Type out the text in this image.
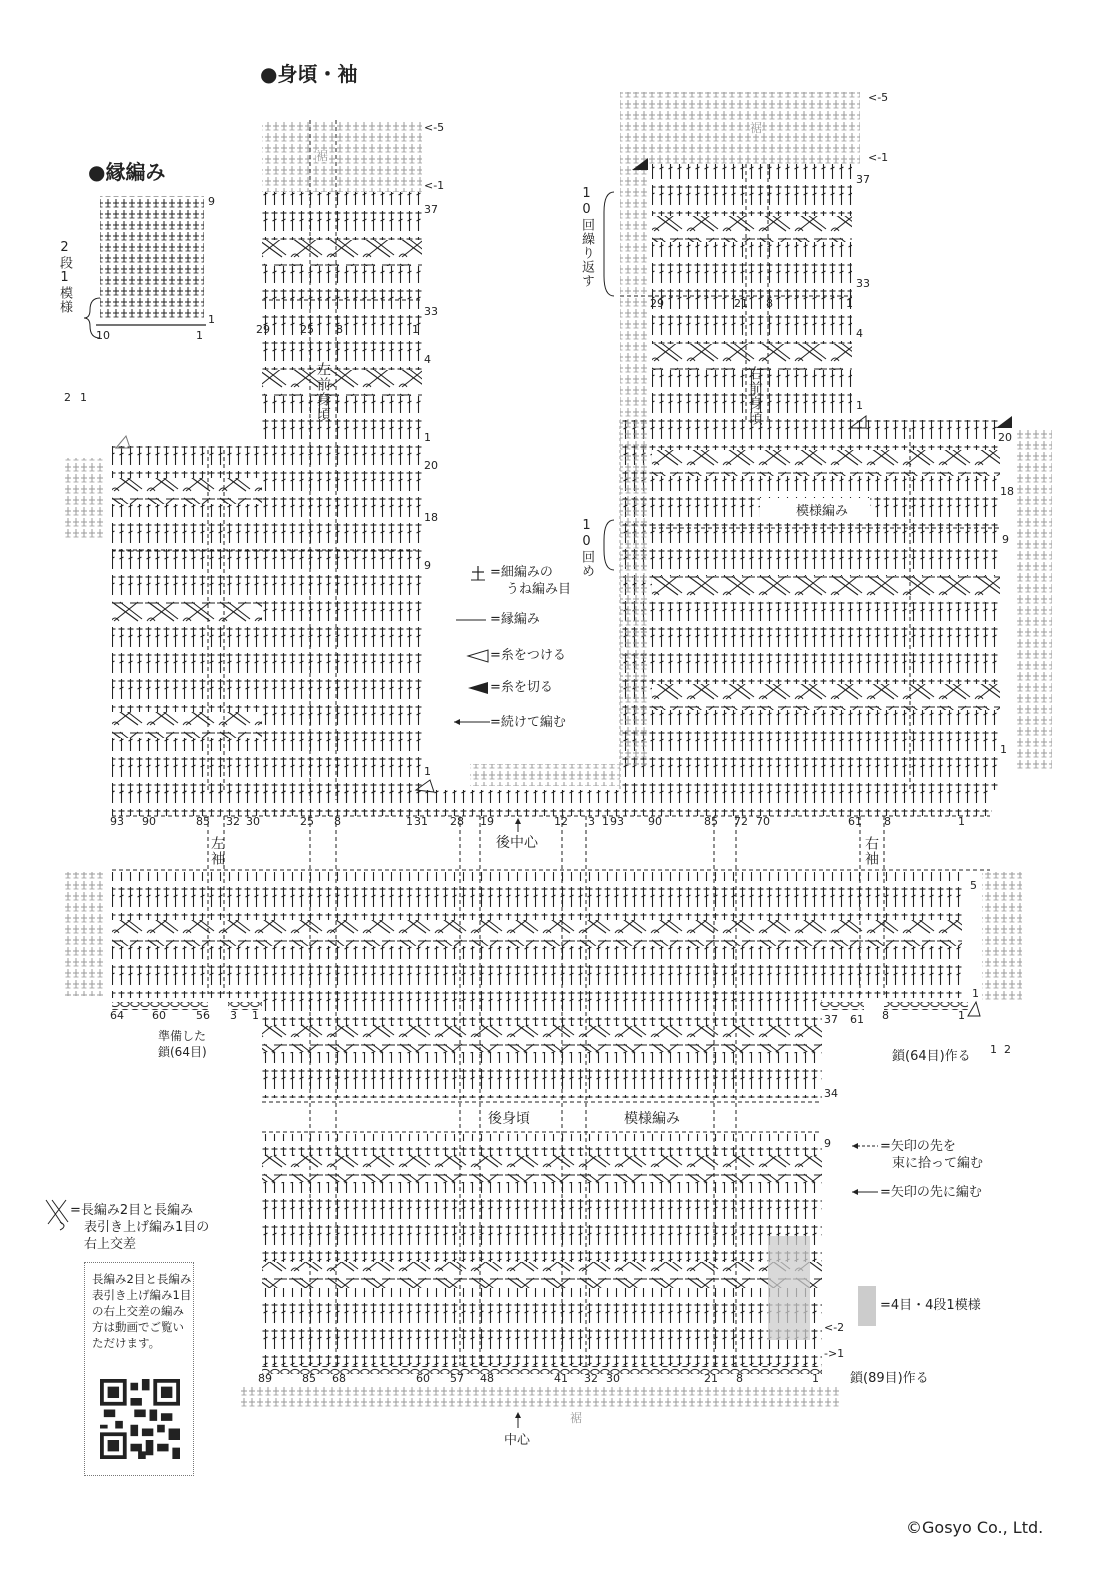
●身頃・袖
●縁編み
左前身頃	右前身頃
左袖	右袖
後中心
後身頃	模様編み
模様編み
裾
裾
裾
中心
10回繰り返す
10回め
2段1模様
鎖(89目)作る
鎖(64目)作る
準備した
鎖(64目)
=細編みの
うね編み目
=縁編み
=糸をつける
=糸を切る
=続けて編む
=矢印の先を
束に拾って編む
=矢印の先に編む
=4目・4段1模様
=長編み2目と長編み
表引き上げ編み1目の
右上交差
長編み2目と長編み表引き上げ編み1目の右上交差の編み方は動画でご覧いただけます。
©Gosyo Co., Ltd.
9
1
10	1
2 1
37
33
4
1
<-5
<-1
20
18
9
1
37
33
4
1
<-5
<-1
20
18
9
1
5
1
34
9
<-2
->1
29	25 8	1
29	21 8	1
93 90	85 32 30	25 8	1 31 28 19	12 3 1 93 90	85 72 70	61 8	1
64	60	56 3 1	37 61 8	1
89	85 68	60 57 48	41 32 30	21 8	1
2
1
